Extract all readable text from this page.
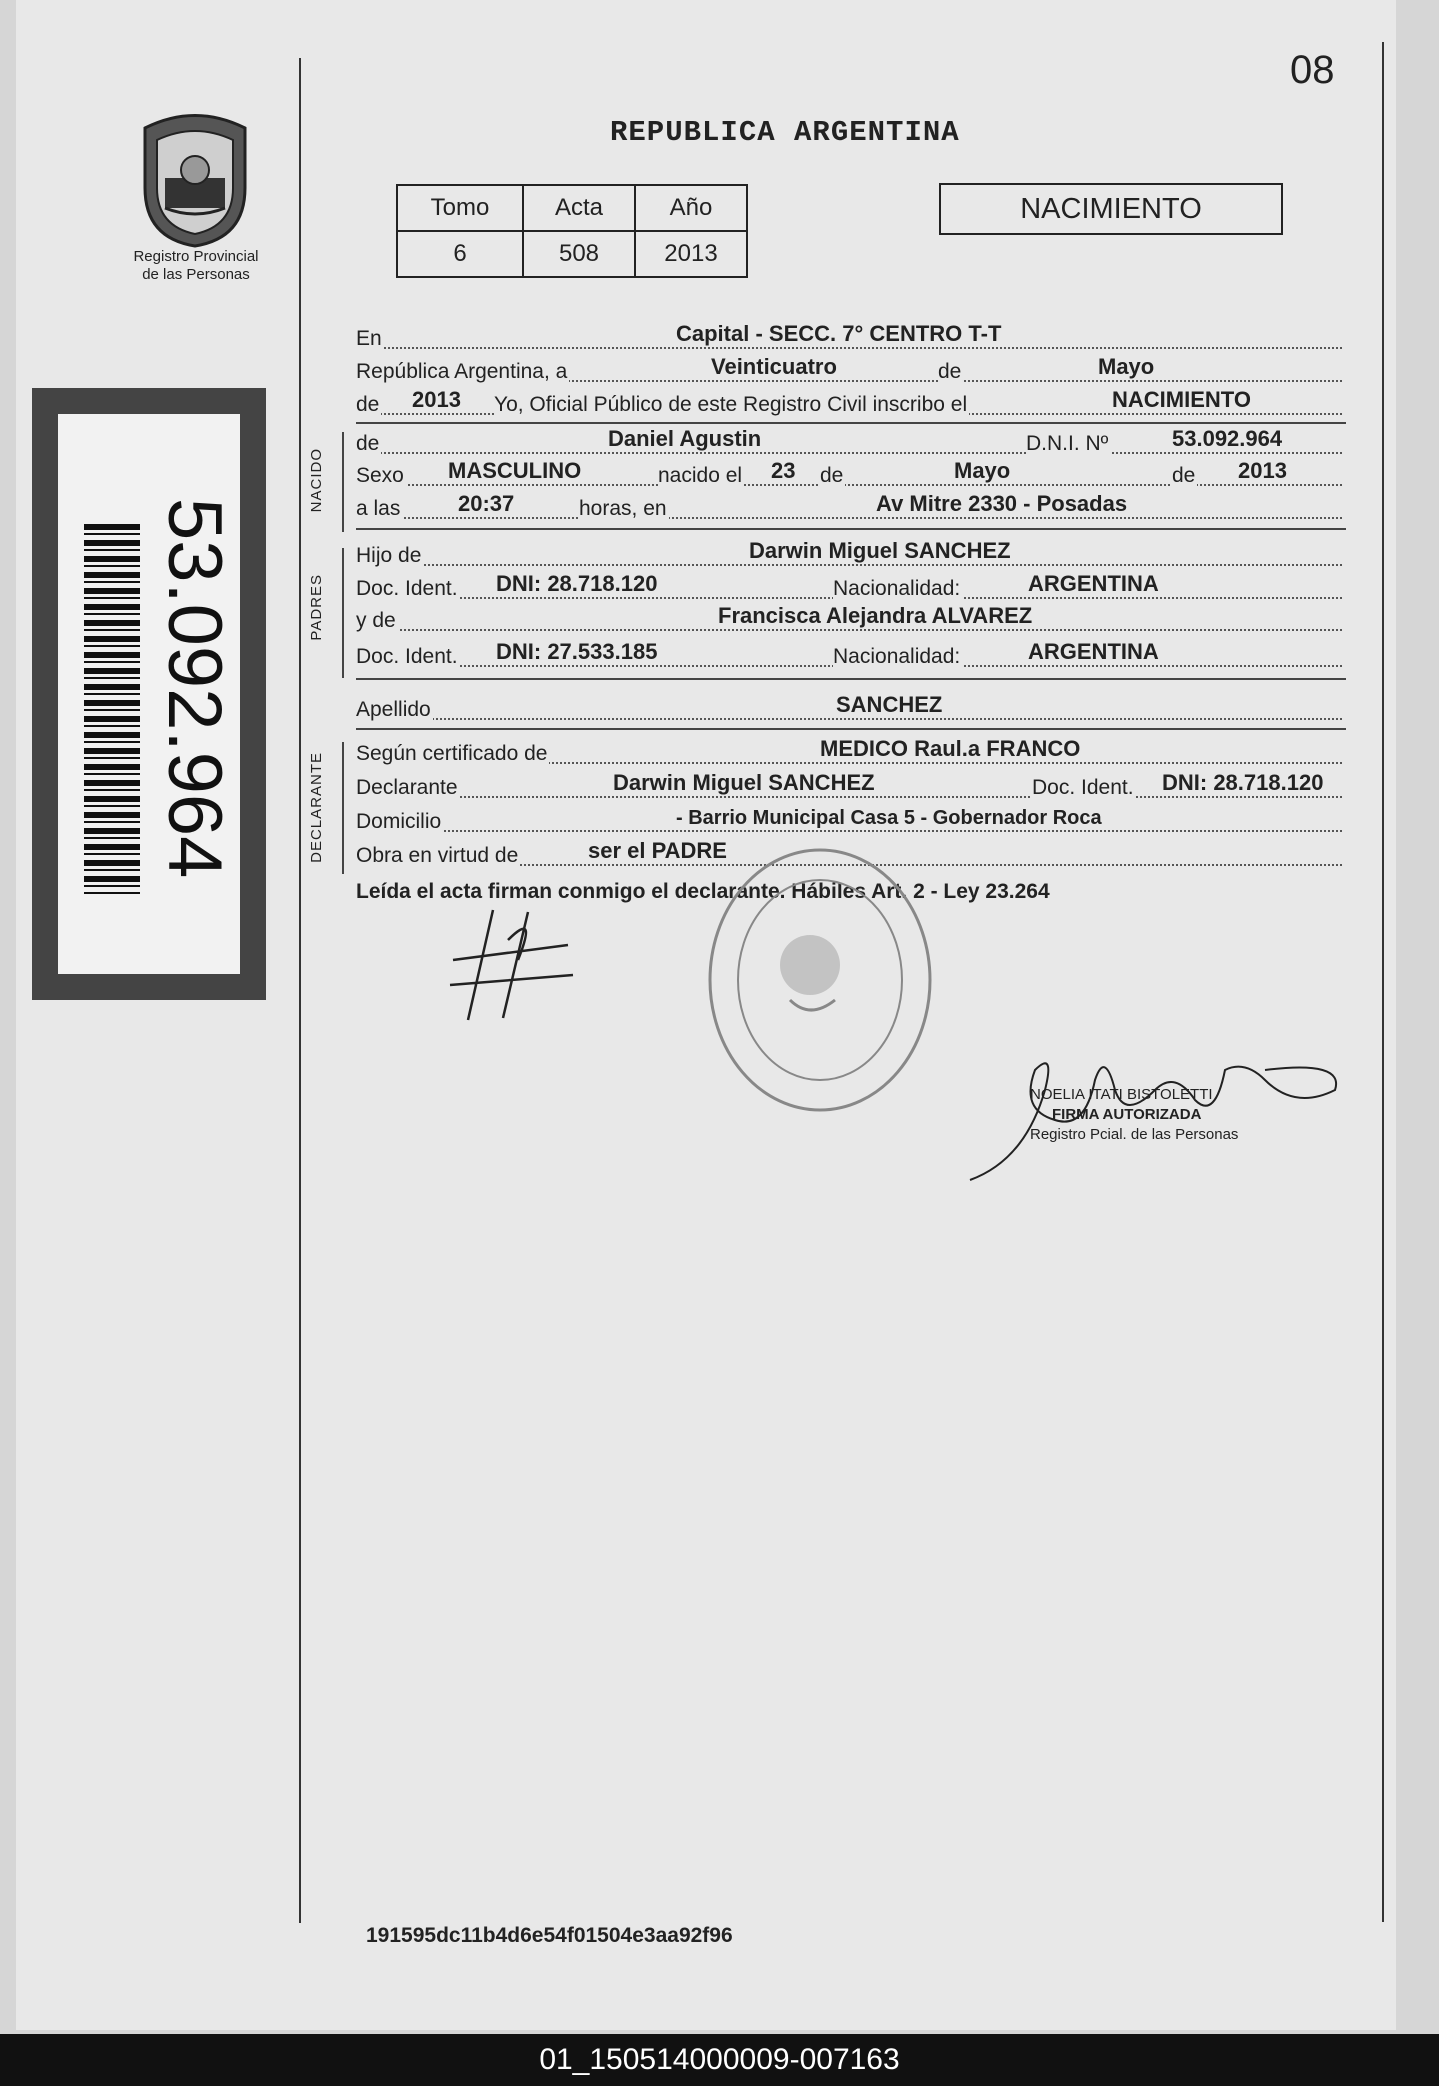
08
Registro Provincial
de las Personas
53.092.964
REPUBLICA ARGENTINA
Tomo	Acta	Año
6	508	2013
NACIMIENTO
NACIDO
PADRES
DECLARANTE
En	Capital - SECC. 7° CENTRO T-T
República Argentina, a	Veinticuatro	de	Mayo
de 2013 Yo, Oficial Público de este Registro Civil inscribo el	NACIMIENTO
de	Daniel Agustin	D.N.I. Nº	53.092.964
Sexo MASCULINO	nacido el 23 de	Mayo	de 2013
a las	20:37	horas, en	Av Mitre 2330 - Posadas
Hijo de	Darwin Miguel SANCHEZ
Doc. Ident. DNI: 28.718.120	Nacionalidad:	ARGENTINA
y de	Francisca Alejandra ALVAREZ
Doc. Ident. DNI: 27.533.185	Nacionalidad:	ARGENTINA
Apellido	SANCHEZ
Según certificado de	MEDICO Raul.a FRANCO
Declarante	Darwin Miguel SANCHEZ	Doc. Ident. DNI: 28.718.120
Domicilio	- Barrio Municipal Casa 5 - Gobernador Roca
Obra en virtud de	ser el PADRE
Leída el acta firman conmigo el declarante. Hábiles Art. 2 - Ley 23.264
NOELIA ITATI BISTOLETTI
FIRMA AUTORIZADA
Registro Pcial. de las Personas
191595dc11b4d6e54f01504e3aa92f96
01_150514000009-007163
